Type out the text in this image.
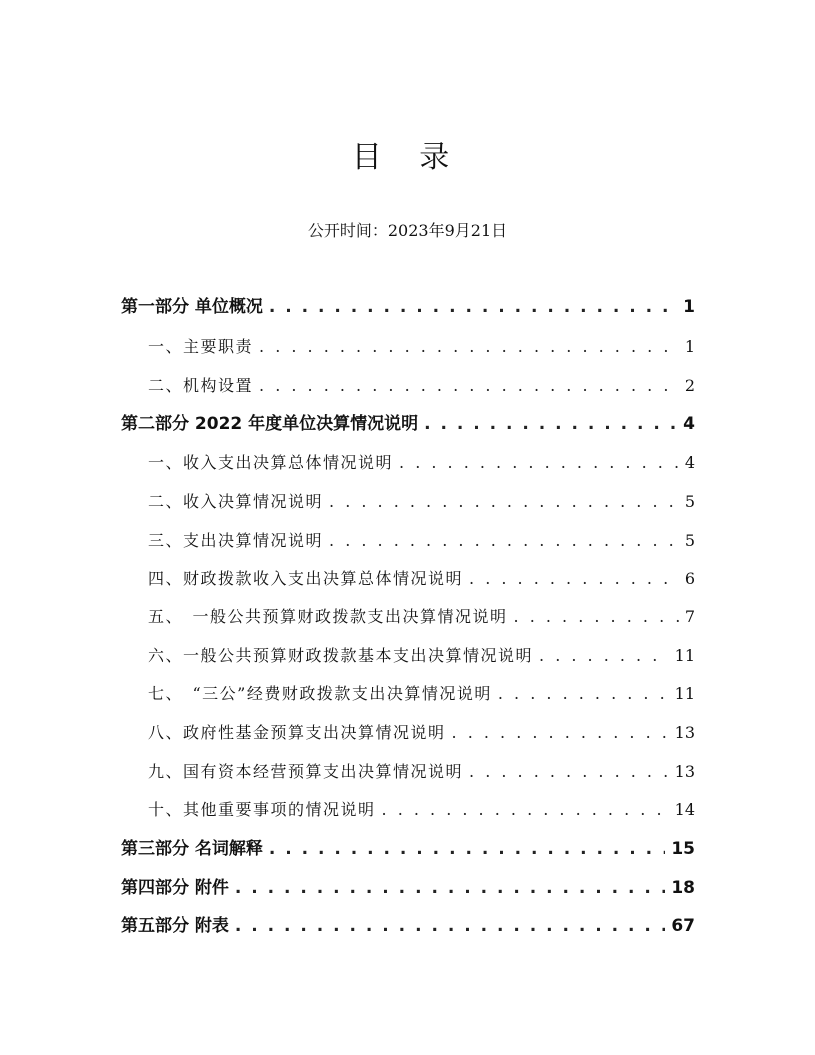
目 录
公开时间：2023年9月21日
第一部分 单位概况 . . .	1
一、主要职责 . . .	1
二、机构设置 . . .	2
第二部分 2022 年度单位决算情况说明 . . .	4
一、收入支出决算总体情况说明 . . .	4
二、收入决算情况说明 . . .	5
三、支出决算情况说明 . . .	5
四、财政拨款收入支出决算总体情况说明 . . .	6
五、　一般公共预算财政拨款支出决算情况说明 . . .	7
六、一般公共预算财政拨款基本支出决算情况说明 . . .	11
七、　“三公”经费财政拨款支出决算情况说明 . . .	11
八、政府性基金预算支出决算情况说明 . . .	13
九、国有资本经营预算支出决算情况说明 . . .	13
十、其他重要事项的情况说明 . . .	14
第三部分 名词解释 . . .	15
第四部分 附件 . . .	18
第五部分 附表 . . .	67
